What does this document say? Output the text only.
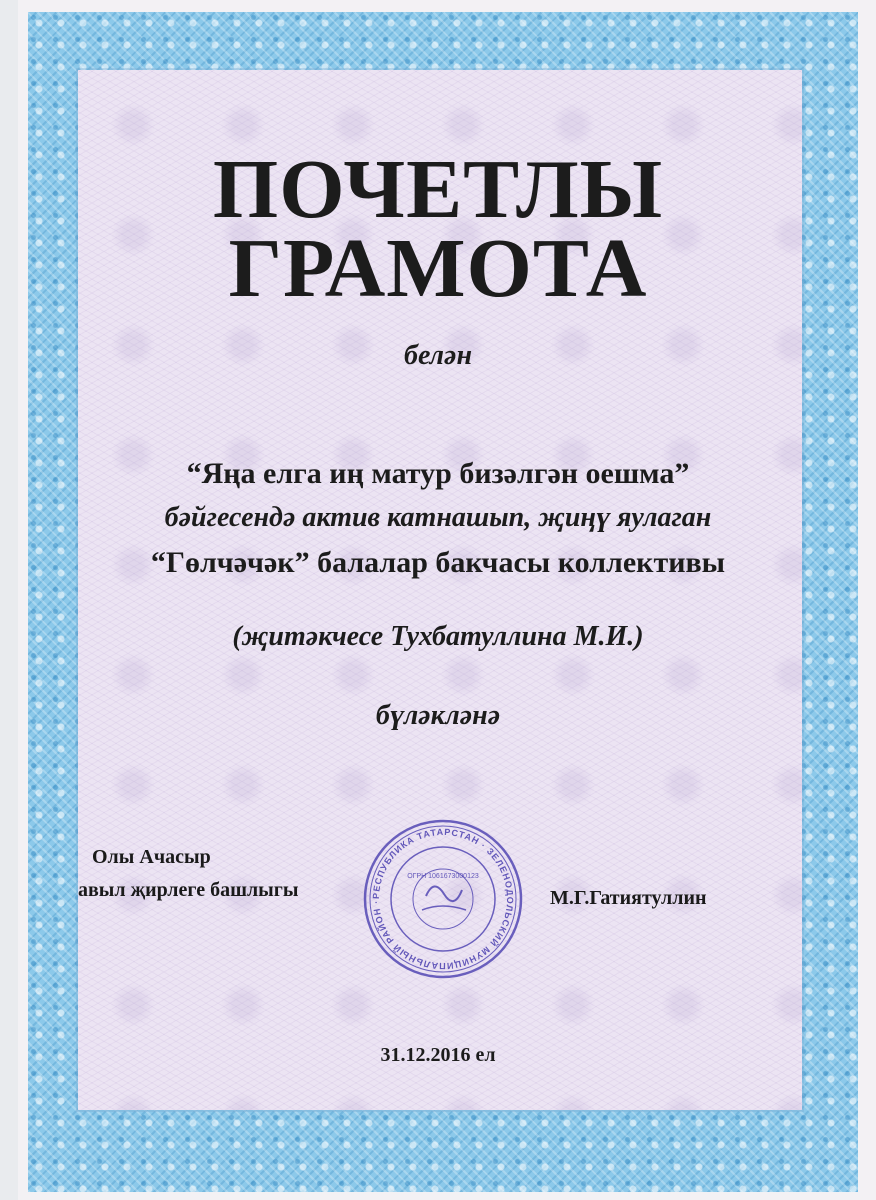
ПОЧЕТЛЫ
ГРАМОТА
белән
“Яңа елга иң матур бизәлгән оешма”
бәйгесендә актив катнашып, җиңү яулаган
“Гөлчәчәк” балалар бакчасы коллективы
(җитәкчесе Тухбатуллина М.И.)
бүләкләнә
Олы Ачасыр
авыл җирлеге башлыгы	М.Г.Гатиятуллин
РЕСПУБЛИКА ТАТАРСТАН · ЗЕЛЕНОДОЛЬСКИЙ МУНИЦИПАЛЬНЫЙ РАЙОН ·
ОГРН 1061673000123
31.12.2016 ел
